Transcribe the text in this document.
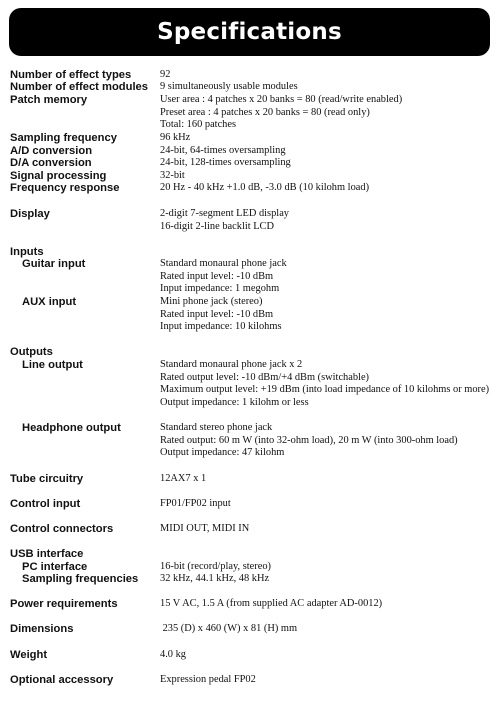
Specifications
Number of effect types
Number of effect modules
Patch memory
Sampling frequency
A/D conversion
D/A conversion
Signal processing
Frequency response
Display
Inputs
Guitar input
AUX input
Outputs
Line output
Headphone output
Tube circuitry
Control input
Control connectors
USB interface
PC interface
Sampling frequencies
Power requirements
Dimensions
Weight
Optional accessory
92
9 simultaneously usable modules
User area : 4 patches x 20 banks = 80 (read/write enabled)
Preset area : 4 patches x 20 banks = 80 (read only)
Total: 160 patches
96 kHz
24-bit, 64-times oversampling
24-bit, 128-times oversampling
32-bit
20 Hz - 40 kHz +1.0 dB, -3.0 dB (10 kilohm load)
2-digit 7-segment LED display
16-digit 2-line backlit LCD
Standard monaural phone jack
Rated input level: -10 dBm
Input impedance: 1 megohm
Mini phone jack (stereo)
Rated input level: -10 dBm
Input impedance: 10 kilohms
Standard monaural phone jack x 2
Rated output level: -10 dBm/+4 dBm (switchable)
Maximum output level: +19 dBm (into load impedance of 10 kilohms or more)
Output impedance: 1 kilohm or less
Standard stereo phone jack
Rated output: 60 m W (into 32-ohm load), 20 m W (into 300-ohm load)
Output impedance: 47 kilohm
12AX7 x 1
FP01/FP02 input
MIDI OUT, MIDI IN
16-bit (record/play, stereo)
32 kHz, 44.1 kHz, 48 kHz
15 V AC, 1.5 A (from supplied AC adapter AD-0012)
235 (D) x 460 (W) x 81 (H) mm
4.0 kg
Expression pedal FP02
